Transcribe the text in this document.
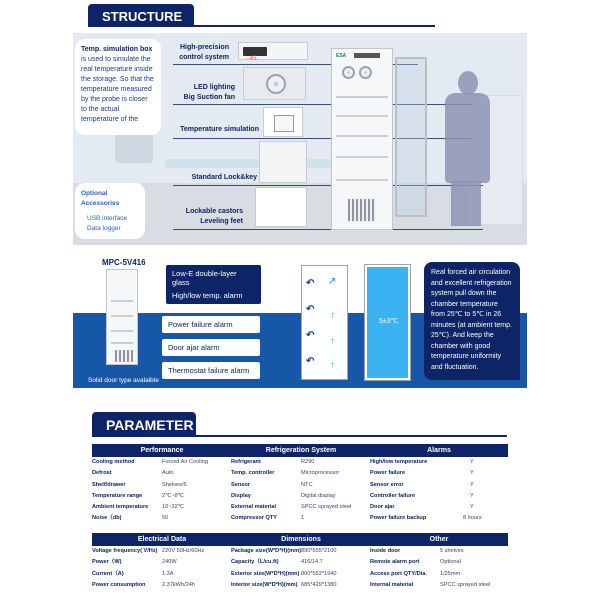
STRUCTURE
Temp. simulation box
is used to simulate the
real temperature inside
the storage. So that the
temperature measured
by the probe is closer
to the actual
temperature of the
Optional Accessories
USB interface
Data logger
High-precision
control system
LED lighting
Big Suction fan
Temperature simulation
Standard Lock&key
Lockable castors
Leveling feet
-45	ESA
MPC-5V416
Solid door type avalaible
Low-E double-layer glass
High/low temp. alarm
Power failure alarm
Door ajar alarm
Thermostat failure alarm
↶ ↗
↶
↑
↶
↑
↶ ↑
5±3℃
Real forced air circulation
and excellent refrigeration
system pull down the
chamber temperature
from 25℃ to 5℃ in 26
minutes (at ambient temp.
25℃). And keep the
chamber with good
temperature uniformity
and fluctuation.
PARAMETER
Performance
Cooling method	Forced Air Cooling
Defrost	Auto
Shelf/drawer	Shelves/5
Temperature range	2℃~8℃
Ambient temperature	10~32℃
Noise（db)	50
Refrigeration System
Refrigerant	R290
Temp. controller	Microprocessor
Sensor	NTC
Display	Digital display
External material	SPCC sprayed steel
Compressor QTY	1
Alarms
High/low temperature	Y
Power failure	Y
Sensor error	Y
Controller failure	Y
Door ajar	Y
Power failure backup	8 hours
Electrical Data
Voltage frequency( V/Hz) 220V 50Hz/60Hz
Power（W)	240W
Current（A)	1.3A
Power consumption	2.37kWh/24h
Dimensions
Package size(W*D*H)(mm) 890*655*2100
Capacity（L/cu.ft)	416/14.7
Exterior size(W*D*H)(mm) 800*552*1940
Interior size(W*D*H)(mm) 685*429*1380
Other
Inside door	5 shelves
Remote alarm port	Optional
Access port QTY/Dia.	1/25mm
Internal material	SPCC sprayed steel
